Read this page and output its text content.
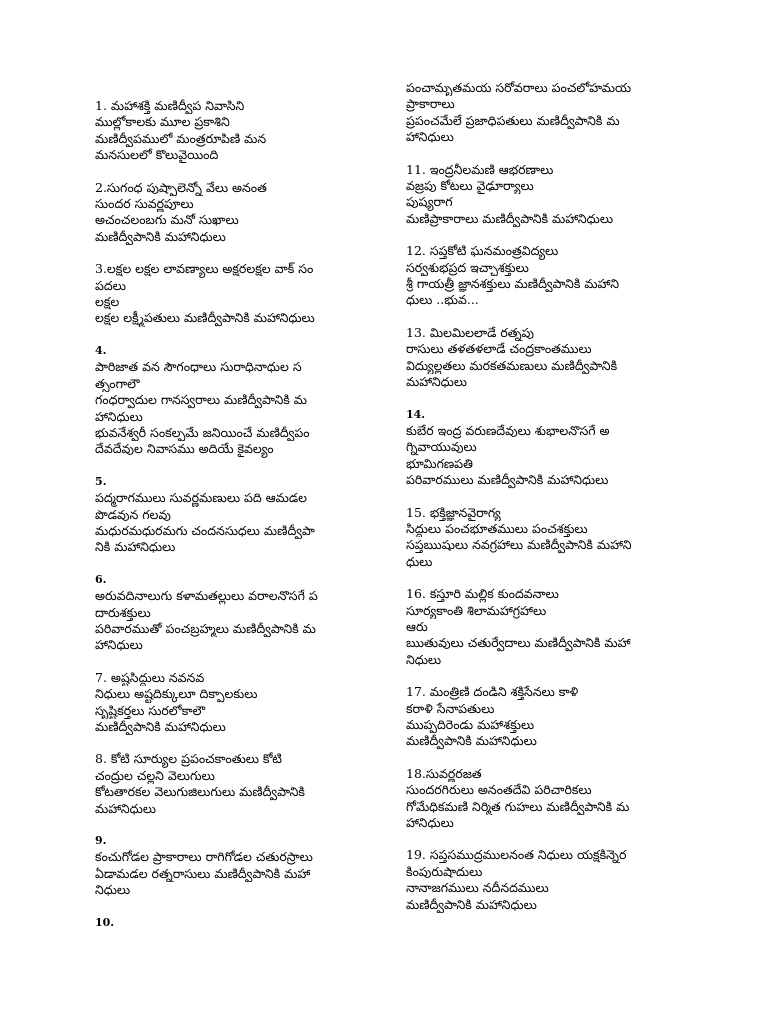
1. మహాశక్తి మణిద్వీప నివాసిని
ముల్లోకాలకు మూల ప్రకాశిని
మణిద్వీపములో మంత్రరూపిణి మన
మనసులలో కొలువైయింది
2.సుగంధ పుష్పాలెన్నో వేలు అనంత
సుందర సువర్ణపూలు
అచంచలంబగు మనో సుఖాలు
మణిద్వీపానికి మహానిధులు
3.లక్షల లక్షల లావణ్యాలు అక్షరలక్షల వాక్ సం
పదలు
లక్షల
లక్షల లక్ష్మీపతులు మణిద్వీపానికి మహానిధులు
4.
పారిజాత వన సౌగంధాలు సురాధినాధుల స
త్సంగాలౌ
గంధర్వాదుల గానస్వరాలు మణిద్వీపానికి మ
హానిధులు
భువనేశ్వరీ సంకల్పమే జనియించే మణిద్వీపం
దేవదేవుల నివాసము అదియే కైవల్యం
5.
పద్మరాగములు సువర్ణమణులు పది ఆమడల
పొడవున గలవు
మధురమధురమగు చందనసుధలు మణిద్వీపా
నికి మహానిధులు
6.
అరువదినాలుగు కళామతల్లులు వరాలనొసగే ప
దారుశక్తులు
పరివారముతో పంచబ్రహ్మలు మణిద్వీపానికి మ
హానిధులు
7. అష్టసిద్ధులు నవనవ
నిధులు అష్టదిక్కులూ దిక్పాలకులు
సృష్టికర్తలు సురలోకాలౌ
మణిద్వీపానికి మహానిధులు
8. కోటి సూర్యుల ప్రపంచకాంతులు కోటి
చంద్రుల చల్లని వెలుగులు
కోటతారకల వెలుగుజిలుగులు మణిద్వీపానికి
మహానిధులు
9.
కంచుగోడల ప్రాకారాలు రాగిగోడల చతురస్రాలు
ఏడామడల రత్నరాసులు మణిద్వీపానికి మహా
నిధులు
10.
పంచామృతమయ సరోవరాలు పంచలోహమయ
ప్రాకారాలు
ప్రపంచమేలే ప్రజాధిపతులు మణిద్వీపానికి మ
హానిధులు
11. ఇంద్రనీలమణి ఆభరణాలు
వజ్రపు కోటలు వైఢూర్యాలు
పుష్యరాగ
మణిప్రాకారాలు మణిద్వీపానికి మహానిధులు
12. సప్తకోటి ఘనమంత్రవిద్యలు
సర్వశుభప్రద ఇచ్ఛాశక్తులు
శ్రీ గాయత్రీ జ్ఞానశక్తులు మణిద్వీపానికి మహాని
ధులు ..భువ...
13. మిలమిలలాడే రత్నపు
రాసులు తళతళలాడే చంద్రకాంతములు
విద్యుల్లతలు మరకతమణులు మణిద్వీపానికి
మహానిధులు
14.
కుబేర ఇంద్ర వరుణదేవులు శుభాలనొసగే అ
గ్నివాయువులు
భూమిగణపతి
పరివారములు మణిద్వీపానికి మహానిధులు
15. భక్తిజ్ఞానవైరాగ్య
సిద్ధులు పంచభూతములు పంచశక్తులు
సప్తఋషులు నవగ్రహాలు మణిద్వీపానికి మహాని
ధులు
16. కస్తూరి మల్లిక కుందవనాలు
సూర్యకాంతి శిలామహాగ్రహాలు
ఆరు
ఋతువులు చతుర్వేదాలు మణిద్వీపానికి మహా
నిధులు
17. మంత్రిణి దండిని శక్తిసేనలు కాళి
కరాళి సేనాపతులు
ముప్పదిరెండు మహాశక్తులు
మణిద్వీపానికి మహానిధులు
18.సువర్ణరజత
సుందరగిరులు అనంతదేవి పరిచారికలు
గోమేధికమణి నిర్మిత గుహలు మణిద్వీపానికి మ
హానిధులు
19. సప్తసముద్రములనంత నిధులు యక్షకిన్నెర
కింపురుషాదులు
నానాజగములు నదీనదములు
మణిద్వీపానికి మహానిధులు
